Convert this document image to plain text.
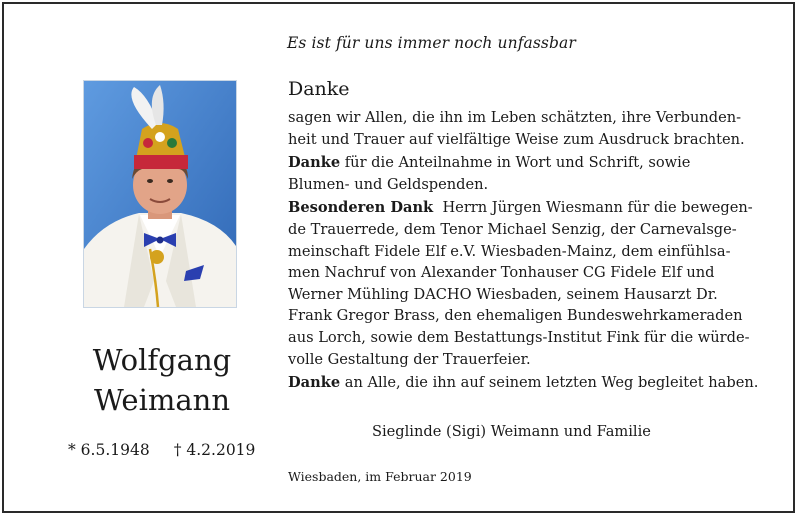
Es ist für uns immer noch unfassbar
Wolfgang
Weimann
* 6.5.1948 † 4.2.2019
Danke

sagen wir Allen, die ihn im Leben schätzten, ihre Verbunden-
heit und Trauer auf vielfältige Weise zum Ausdruck brachten.

Danke für die Anteilnahme in Wort und Schrift, sowie
Blumen- und Geldspenden.

Besonderen Dank  Herrn Jürgen Wiesmann für die bewegen-
de Trauerrede, dem Tenor Michael Senzig, der Carnevalsge-
meinschaft Fidele Elf e.V. Wiesbaden-Mainz, dem einfühlsa-
men Nachruf von Alexander Tonhauser CG Fidele Elf und
Werner Mühling DACHO Wiesbaden, seinem Hausarzt Dr.
Frank Gregor Brass, den ehemaligen Bundeswehrkameraden
aus Lorch, sowie dem Bestattungs-Institut Fink für die würde-
volle Gestaltung der Trauerfeier.

Danke an Alle, die ihn auf seinem letzten Weg begleitet haben.

Sieglinde (Sigi) Weimann und Familie
Wiesbaden, im Februar 2019
